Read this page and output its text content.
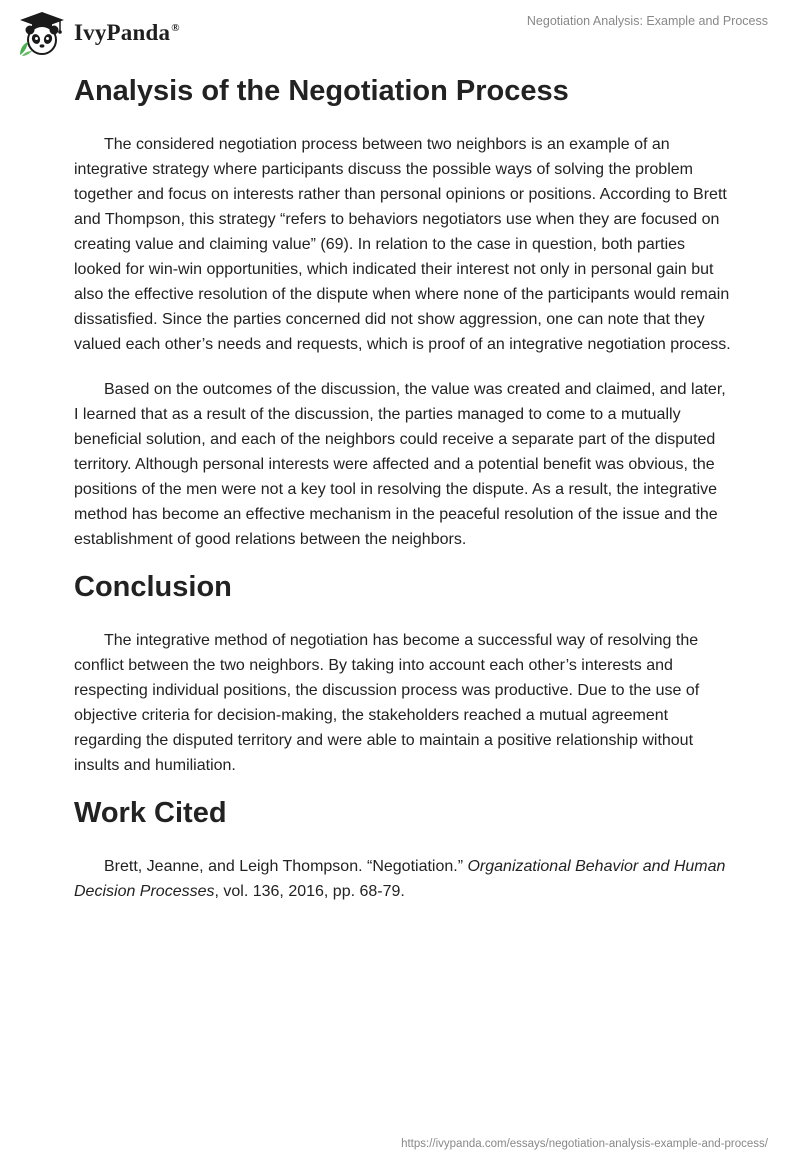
IvyPanda®
Negotiation Analysis: Example and Process
Analysis of the Negotiation Process

The considered negotiation process between two neighbors is an example of an integrative strategy where participants discuss the possible ways of solving the problem together and focus on interests rather than personal opinions or positions. According to Brett and Thompson, this strategy “refers to behaviors negotiators use when they are focused on creating value and claiming value” (69). In relation to the case in question, both parties looked for win-win opportunities, which indicated their interest not only in personal gain but also the effective resolution of the dispute when where none of the participants would remain dissatisfied. Since the parties concerned did not show aggression, one can note that they valued each other’s needs and requests, which is proof of an integrative negotiation process.

Based on the outcomes of the discussion, the value was created and claimed, and later, I learned that as a result of the discussion, the parties managed to come to a mutually beneficial solution, and each of the neighbors could receive a separate part of the disputed territory. Although personal interests were affected and a potential benefit was obvious, the positions of the men were not a key tool in resolving the dispute. As a result, the integrative method has become an effective mechanism in the peaceful resolution of the issue and the establishment of good relations between the neighbors.

Conclusion

The integrative method of negotiation has become a successful way of resolving the conflict between the two neighbors. By taking into account each other’s interests and respecting individual positions, the discussion process was productive. Due to the use of objective criteria for decision-making, the stakeholders reached a mutual agreement regarding the disputed territory and were able to maintain a positive relationship without insults and humiliation.

Work Cited

Brett, Jeanne, and Leigh Thompson. “Negotiation.” Organizational Behavior and Human Decision Processes, vol. 136, 2016, pp. 68-79.

https://ivypanda.com/essays/negotiation-analysis-example-and-process/
